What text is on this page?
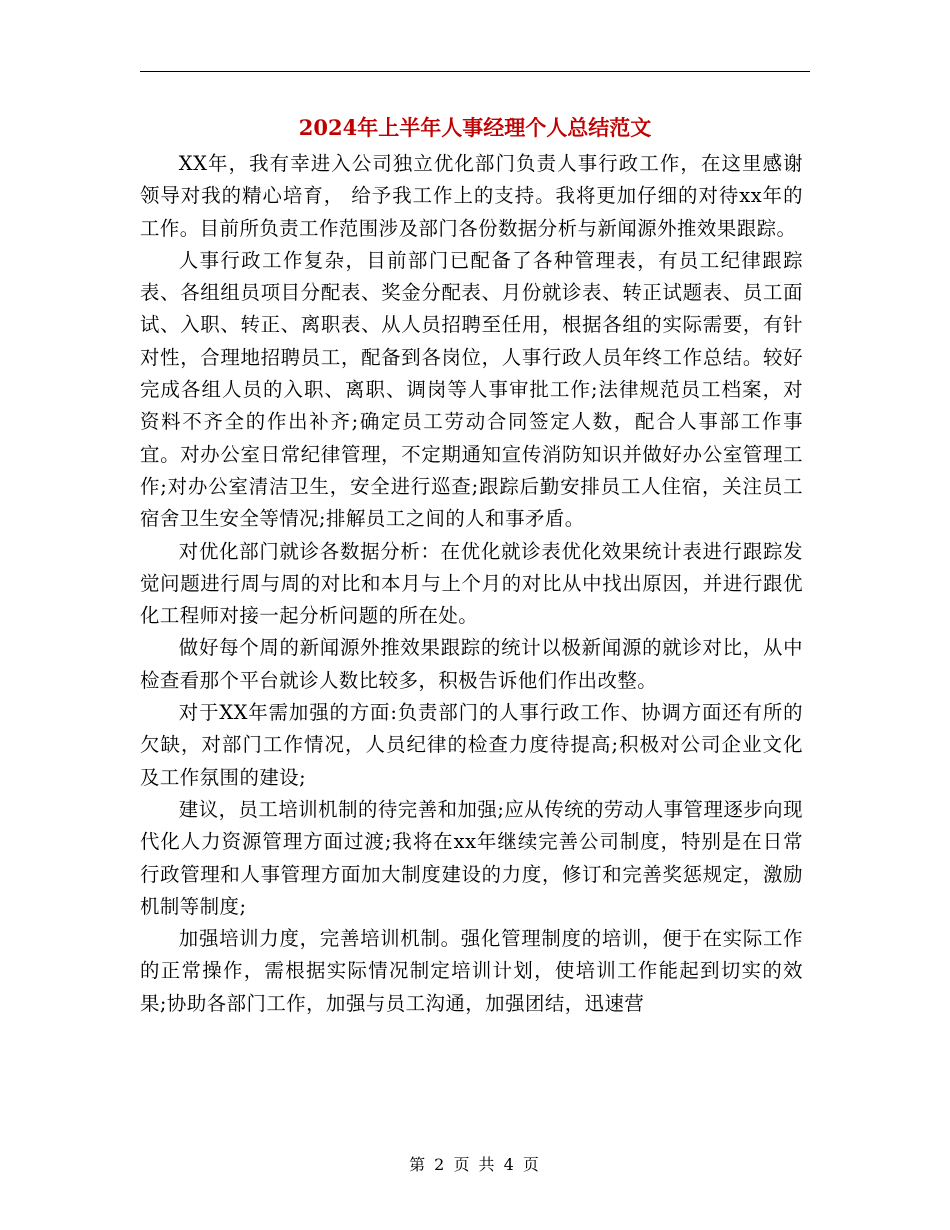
2024年上半年人事经理个人总结范文

XX年，我有幸进入公司独立优化部门负责人事行政工作，在这里感谢领导对我的精心培育， 给予我工作上的支持。我将更加仔细的对待xx年的工作。目前所负责工作范围涉及部门各份数据分析与新闻源外推效果跟踪。

人事行政工作复杂，目前部门已配备了各种管理表，有员工纪律跟踪表、各组组员项目分配表、奖金分配表、月份就诊表、转正试题表、员工面试、入职、转正、离职表、从人员招聘至任用，根据各组的实际需要，有针对性，合理地招聘员工，配备到各岗位，人事行政人员年终工作总结。较好完成各组人员的入职、离职、调岗等人事审批工作;法律规范员工档案，对资料不齐全的作出补齐;确定员工劳动合同签定人数，配合人事部工作事宜。对办公室日常纪律管理，不定期通知宣传消防知识并做好办公室管理工作;对办公室清洁卫生，安全进行巡查;跟踪后勤安排员工人住宿，关注员工宿舍卫生安全等情况;排解员工之间的人和事矛盾。

对优化部门就诊各数据分析：在优化就诊表优化效果统计表进行跟踪发觉问题进行周与周的对比和本月与上个月的对比从中找出原因，并进行跟优化工程师对接一起分析问题的所在处。

做好每个周的新闻源外推效果跟踪的统计以极新闻源的就诊对比，从中检查看那个平台就诊人数比较多，积极告诉他们作出改整。

对于XX年需加强的方面:负责部门的人事行政工作、协调方面还有所的欠缺，对部门工作情况，人员纪律的检查力度待提高;积极对公司企业文化及工作氛围的建设;

建议，员工培训机制的待完善和加强;应从传统的劳动人事管理逐步向现代化人力资源管理方面过渡;我将在xx年继续完善公司制度，特别是在日常行政管理和人事管理方面加大制度建设的力度，修订和完善奖惩规定，激励机制等制度;

加强培训力度，完善培训机制。强化管理制度的培训，便于在实际工作的正常操作，需根据实际情况制定培训计划，使培训工作能起到切实的效果;协助各部门工作，加强与员工沟通，加强团结，迅速营

第 2 页 共 4 页
